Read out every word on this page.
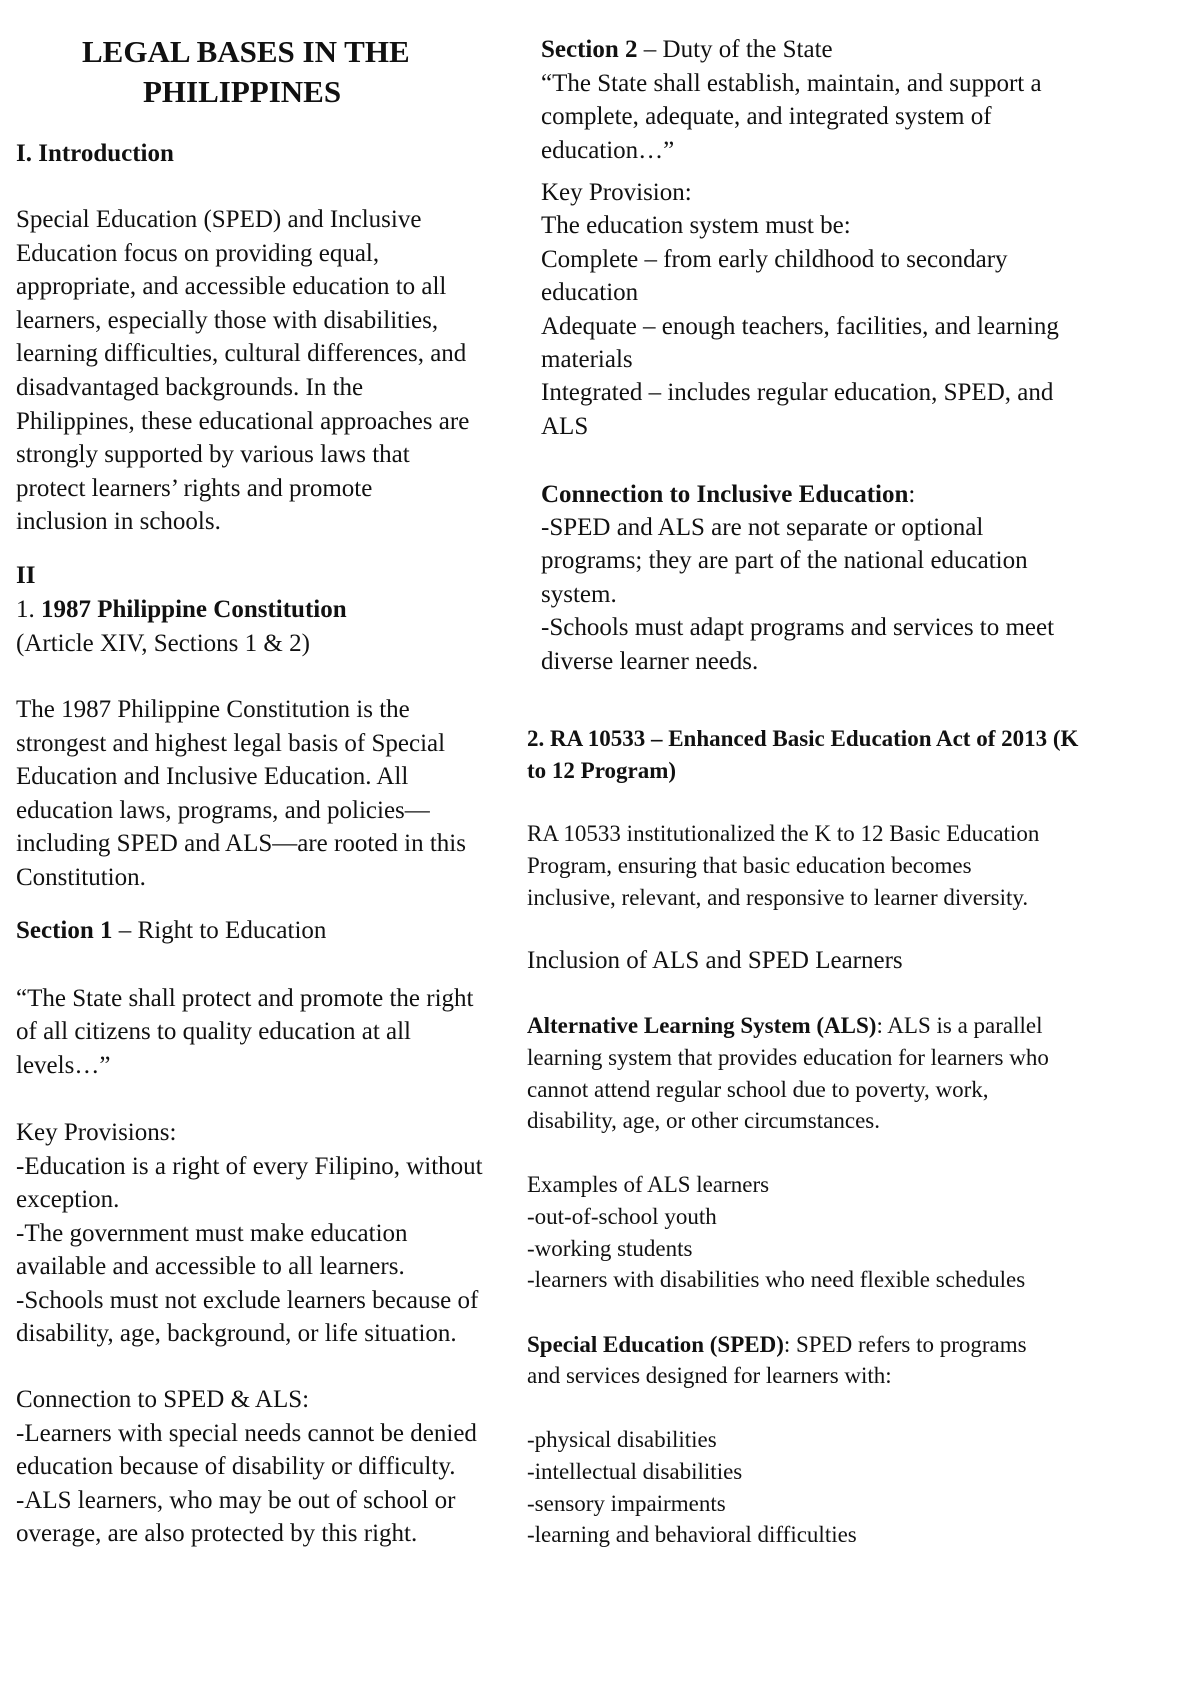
LEGAL BASES IN THE
PHILIPPINES
I. Introduction
Special Education (SPED) and Inclusive
Education focus on providing equal,
appropriate, and accessible education to all
learners, especially those with disabilities,
learning difficulties, cultural differences, and
disadvantaged backgrounds. In the
Philippines, these educational approaches are
strongly supported by various laws that
protect learners’ rights and promote
inclusion in schools.
II
1. 1987 Philippine Constitution
(Article XIV, Sections 1 & 2)
The 1987 Philippine Constitution is the
strongest and highest legal basis of Special
Education and Inclusive Education. All
education laws, programs, and policies—
including SPED and ALS—are rooted in this
Constitution.
Section 1 – Right to Education
“The State shall protect and promote the right
of all citizens to quality education at all
levels…”
Key Provisions:
-Education is a right of every Filipino, without
exception.
-The government must make education
available and accessible to all learners.
-Schools must not exclude learners because of
disability, age, background, or life situation.
Connection to SPED & ALS:
-Learners with special needs cannot be denied
education because of disability or difficulty.
-ALS learners, who may be out of school or
overage, are also protected by this right.
Section 2 – Duty of the State
“The State shall establish, maintain, and support a
complete, adequate, and integrated system of
education…”
Key Provision:
The education system must be:
Complete – from early childhood to secondary
education
Adequate – enough teachers, facilities, and learning
materials
Integrated – includes regular education, SPED, and
ALS
Connection to Inclusive Education:
-SPED and ALS are not separate or optional
programs; they are part of the national education
system.
-Schools must adapt programs and services to meet
diverse learner needs.
2. RA 10533 – Enhanced Basic Education Act of 2013 (K
to 12 Program)
RA 10533 institutionalized the K to 12 Basic Education
Program, ensuring that basic education becomes
inclusive, relevant, and responsive to learner diversity.
Inclusion of ALS and SPED Learners
Alternative Learning System (ALS): ALS is a parallel
learning system that provides education for learners who
cannot attend regular school due to poverty, work,
disability, age, or other circumstances.
Examples of ALS learners
-out-of-school youth
-working students
-learners with disabilities who need flexible schedules
Special Education (SPED): SPED refers to programs
and services designed for learners with:
-physical disabilities
-intellectual disabilities
-sensory impairments
-learning and behavioral difficulties
